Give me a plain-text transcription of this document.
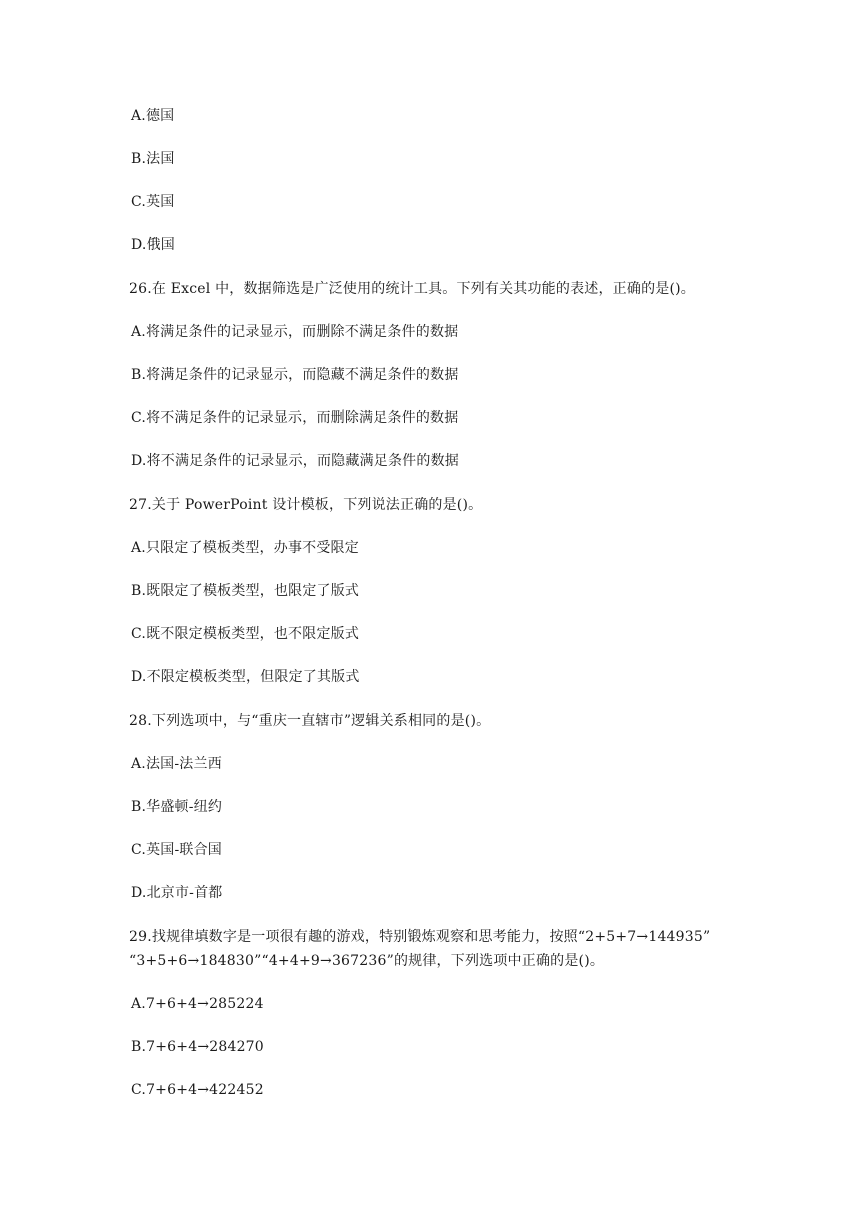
A.德国
B.法国
C.英国
D.俄国
26.在 Excel 中，数据筛选是广泛使用的统计工具。下列有关其功能的表述，正确的是()。
A.将满足条件的记录显示，而删除不满足条件的数据
B.将满足条件的记录显示，而隐藏不满足条件的数据
C.将不满足条件的记录显示，而删除满足条件的数据
D.将不满足条件的记录显示，而隐藏满足条件的数据
27.关于 PowerPoint 设计模板，下列说法正确的是()。
A.只限定了模板类型，办事不受限定
B.既限定了模板类型，也限定了版式
C.既不限定模板类型，也不限定版式
D.不限定模板类型，但限定了其版式
28.下列选项中，与“重庆一直辖市”逻辑关系相同的是()。
A.法国-法兰西
B.华盛顿-纽约
C.英国-联合国
D.北京市-首都
29.找规律填数字是一项很有趣的游戏，特别锻炼观察和思考能力，按照“2+5+7→144935”
“3+5+6→184830”“4+4+9→367236”的规律，下列选项中正确的是()。
A.7+6+4→285224
B.7+6+4→284270
C.7+6+4→422452
